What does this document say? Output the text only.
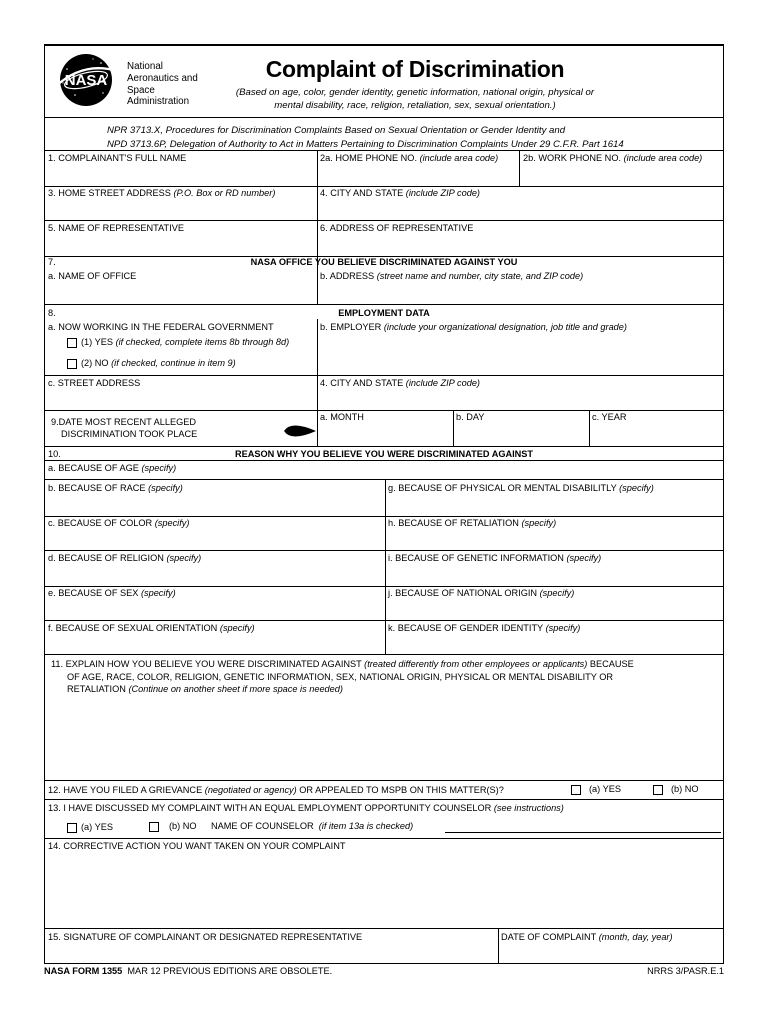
NASA FORM 1355 MAR 12 PREVIOUS EDITIONS ARE OBSOLETE.	NRRS 3/PASR.E.1
NASA
National
Aeronautics and
Space
Administration
Complaint of Discrimination
(Based on age, color, gender identity, genetic information, national origin, physical or mental disability, race, religion, retaliation, sex, sexual orientation.)
NPR 3713.X, Procedures for Discrimination Complaints Based on Sexual Orientation or Gender Identity and
NPD 3713.6P, Delegation of Authority to Act in Matters Pertaining to Discrimination Complaints Under 29 C.F.R. Part 1614
1. COMPLAINANT'S FULL NAME	2a. HOME PHONE NO. (include area code)	2b. WORK PHONE NO. (include area code)
3. HOME STREET ADDRESS (P.O. Box or RD number)	4. CITY AND STATE (include ZIP code)
5. NAME OF REPRESENTATIVE	6. ADDRESS OF REPRESENTATIVE
7.	NASA OFFICE YOU BELIEVE DISCRIMINATED AGAINST YOU
a. NAME OF OFFICE	b. ADDRESS (street name and number, city state, and ZIP code)
8.	EMPLOYMENT DATA
a. NOW WORKING IN THE FEDERAL GOVERNMENT	b. EMPLOYER (include your organizational designation, job title and grade)
(1) YES (if checked, complete items 8b through 8d)
(2) NO (if checked, continue in item 9)
c. STREET ADDRESS	4. CITY AND STATE (include ZIP code)
9.DATE MOST RECENT ALLEGED
DISCRIMINATION TOOK PLACE
a. MONTH	b. DAY	c. YEAR
10.	REASON WHY YOU BELIEVE YOU WERE DISCRIMINATED AGAINST
a. BECAUSE OF AGE (specify)
b. BECAUSE OF RACE (specify)	g. BECAUSE OF PHYSICAL OR MENTAL DISABILITLY (specify)
c. BECAUSE OF COLOR (specify)	h. BECAUSE OF RETALIATION (specify)
d. BECAUSE OF RELIGION (specify)	i. BECAUSE OF GENETIC INFORMATION (specify)
e. BECAUSE OF SEX (specify)	j. BECAUSE OF NATIONAL ORIGIN (specify)
f. BECAUSE OF SEXUAL ORIENTATION (specify)	k. BECAUSE OF GENDER IDENTITY (specify)
11. EXPLAIN HOW YOU BELIEVE YOU WERE DISCRIMINATED AGAINST (treated differently from other employees or applicants) BECAUSE
OF AGE, RACE, COLOR, RELIGION, GENETIC INFORMATION, SEX, NATIONAL ORIGIN, PHYSICAL OR MENTAL DISABILITY OR
RETALIATION (Continue on another sheet if more space is needed)
12. HAVE YOU FILED A GRIEVANCE (negotiated or agency) OR APPEALED TO MSPB ON THIS MATTER(S)?	(a) YES	(b) NO
13. I HAVE DISCUSSED MY COMPLAINT WITH AN EQUAL EMPLOYMENT OPPORTUNITY COUNSELOR (see instructions)
(a) YES	(b) NO NAME OF COUNSELOR (if item 13a is checked)
14. CORRECTIVE ACTION YOU WANT TAKEN ON YOUR COMPLAINT
15. SIGNATURE OF COMPLAINANT OR DESIGNATED REPRESENTATIVE	DATE OF COMPLAINT (month, day, year)
